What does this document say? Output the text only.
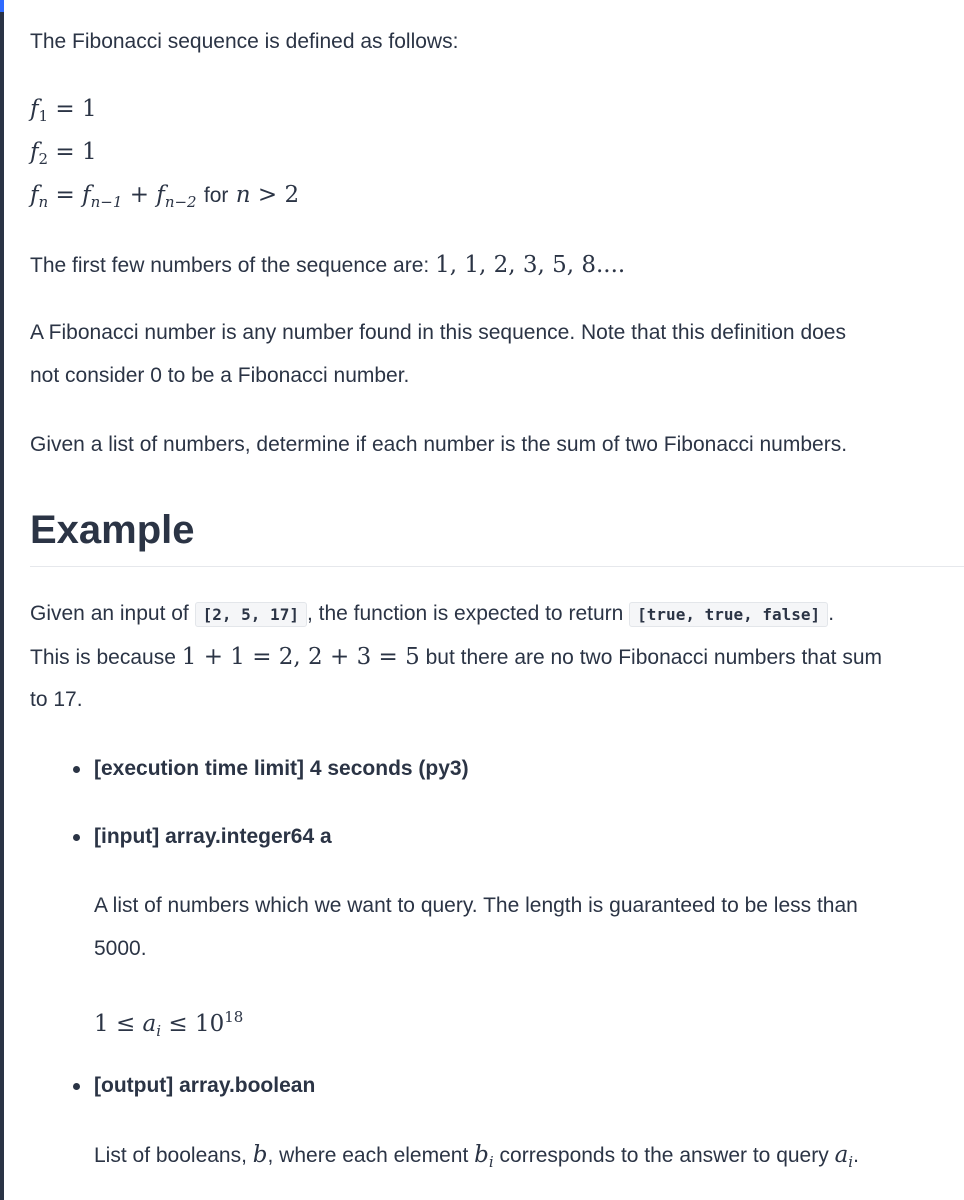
The Fibonacci sequence is defined as follows:
$f_1 = 1$
$f_2 = 1$
$f_n = f_{n-1} + f_{n-2}$ for n > 2
The first few numbers of the sequence are: 1, 1, 2, 3, 5, 8....
A Fibonacci number is any number found in this sequence. Note that this definition does
not consider 0 to be a Fibonacci number.
Given a list of numbers, determine if each number is the sum of two Fibonacci numbers.
Example
Given an input of [2, 5, 17] , the function is expected to return [true, true, false] .
This is because 1 + 1 = 2, 2 + 3 = 5 but there are no two Fibonacci numbers that sum
to 17.
[execution time limit] 4 seconds (py3)
[input] array.integer64 a
A list of numbers which we want to query. The length is guaranteed to be less than
5000.
$1 \le a_i \le 10^{18}$
[output] array.boolean
List of booleans, b, where each element $b_i$ corresponds to the answer to query $a_i$.
